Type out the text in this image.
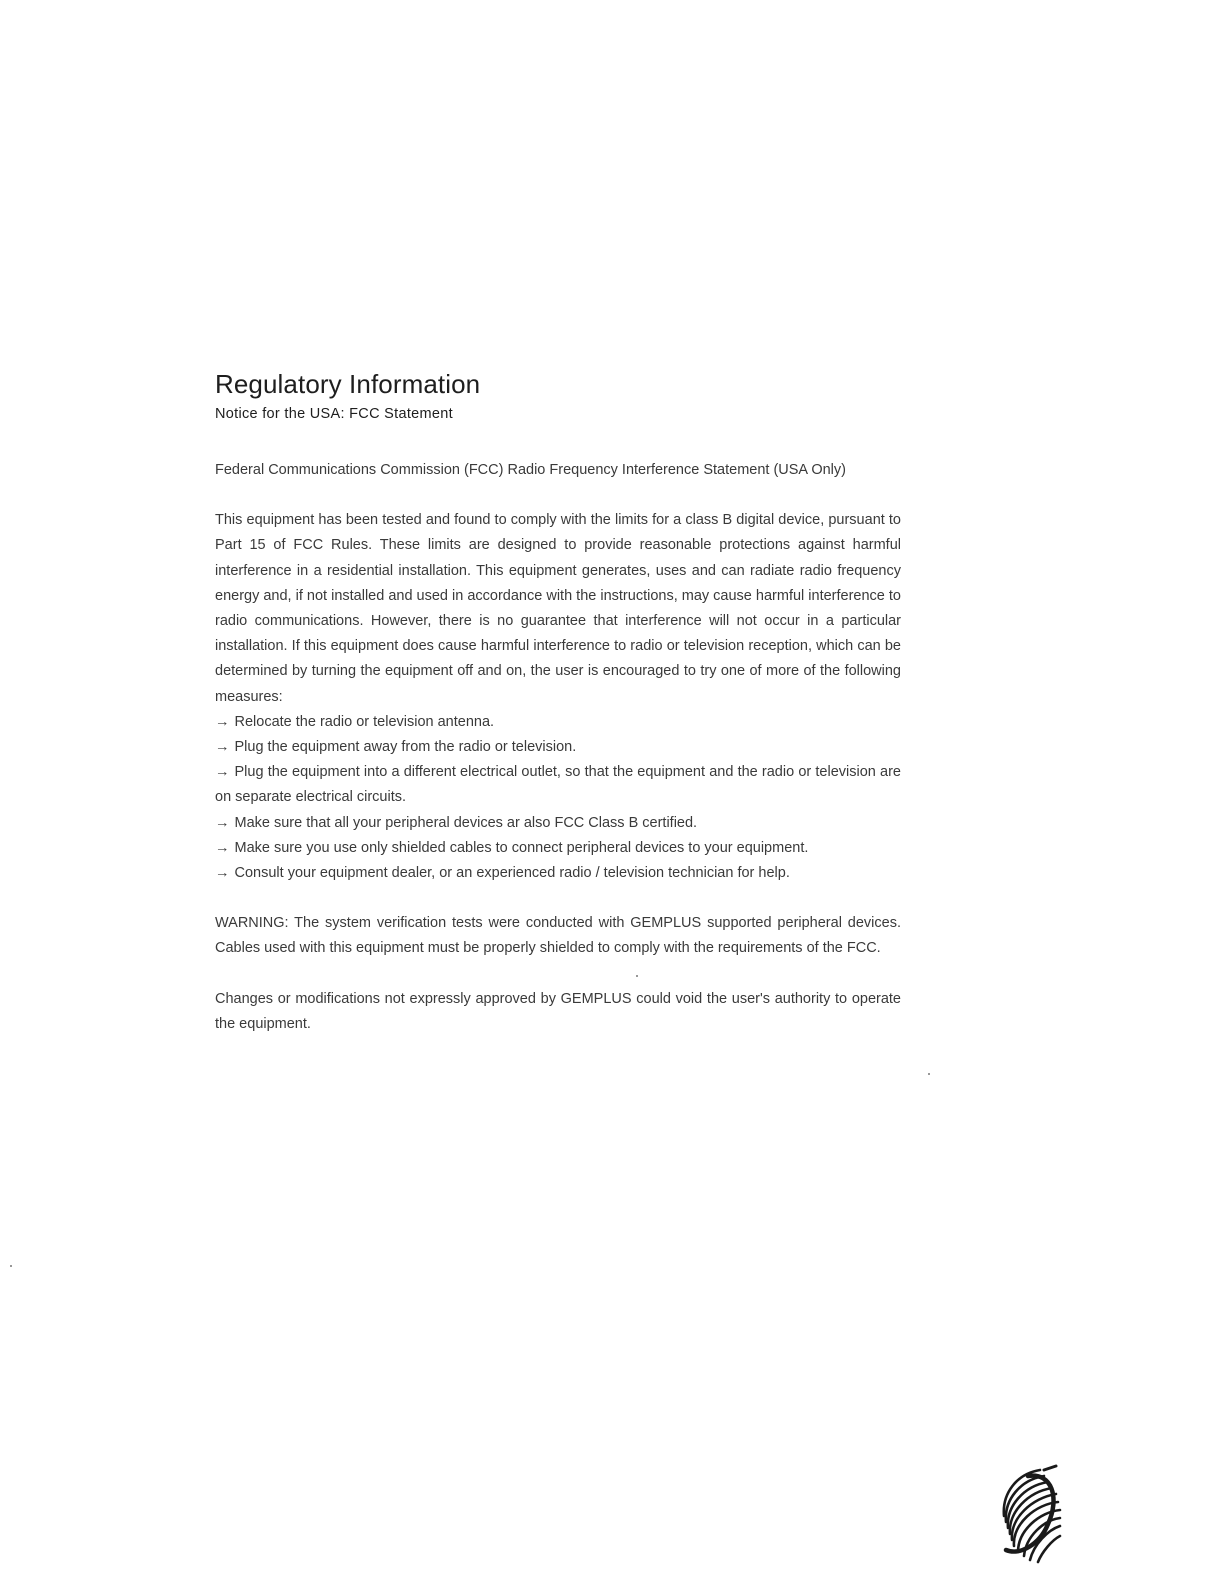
Regulatory Information
Notice for the USA: FCC Statement

Federal Communications Commission (FCC) Radio Frequency Interference Statement (USA Only)

This equipment has been tested and found to comply with the limits for a class B digital device, pursuant to Part 15 of FCC Rules. These limits are designed to provide reasonable protections against harmful interference in a residential installation. This equipment generates, uses and can radiate radio frequency energy and, if not installed and used in accordance with the instructions, may cause harmful interference to radio communications. However, there is no guarantee that interference will not occur in a particular installation. If this equipment does cause harmful interference to radio or television reception, which can be determined by turning the equipment off and on, the user is encouraged to try one of more of the following measures:

→ Relocate the radio or television antenna.
→ Plug the equipment away from the radio or television.
→ Plug the equipment into a different electrical outlet, so that the equipment and the radio or television are on separate electrical circuits.
→ Make sure that all your peripheral devices ar also FCC Class B certified.
→ Make sure you use only shielded cables to connect peripheral devices to your equipment.
→ Consult your equipment dealer, or an experienced radio / television technician for help.

WARNING: The system verification tests were conducted with GEMPLUS supported peripheral devices. Cables used with this equipment must be properly shielded to comply with the requirements of the FCC.

Changes or modifications not expressly approved by GEMPLUS could void the user's authority to operate the equipment.
